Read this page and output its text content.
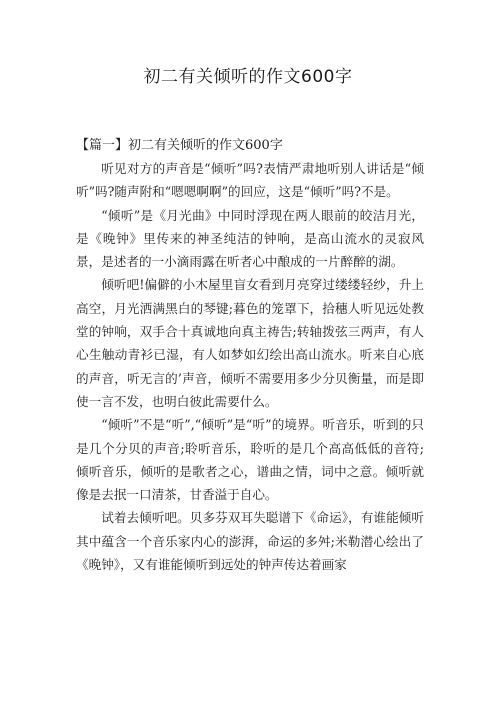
初二有关倾听的作文600字

【篇一】初二有关倾听的作文600字

听见对方的声音是“倾听”吗?表情严肃地听别人讲话是“倾听”吗?随声附和“嗯嗯啊啊”的回应，这是“倾听”吗?不是。

“倾听”是《月光曲》中同时浮现在两人眼前的皎洁月光，是《晚钟》里传来的神圣纯洁的钟响，是高山流水的灵寂风景，是述者的一小滴雨露在听者心中酿成的一片醉醉的湖。

倾听吧!偏僻的小木屋里盲女看到月亮穿过缕缕轻纱，升上高空，月光洒满黑白的琴键;暮色的笼罩下，拾穗人听见远处教堂的钟响，双手合十真诚地向真主祷告;转轴拨弦三两声，有人心生触动青衫已湿，有人如梦如幻绘出高山流水。听来自心底的声音，听无言的’声音，倾听不需要用多少分贝衡量，而是即使一言不发，也明白彼此需要什么。

“倾听”不是“听”,“倾听”是“听”的境界。听音乐，听到的只是几个分贝的声音;聆听音乐，聆听的是几个高高低低的音符;倾听音乐，倾听的是歌者之心，谱曲之情，词中之意。倾听就像是去抿一口清茶，甘香溢于自心。

试着去倾听吧。贝多芬双耳失聪谱下《命运》，有谁能倾听其中蕴含一个音乐家内心的澎湃，命运的多舛;米勒潜心绘出了《晚钟》，又有谁能倾听到远处的钟声传达着画家
